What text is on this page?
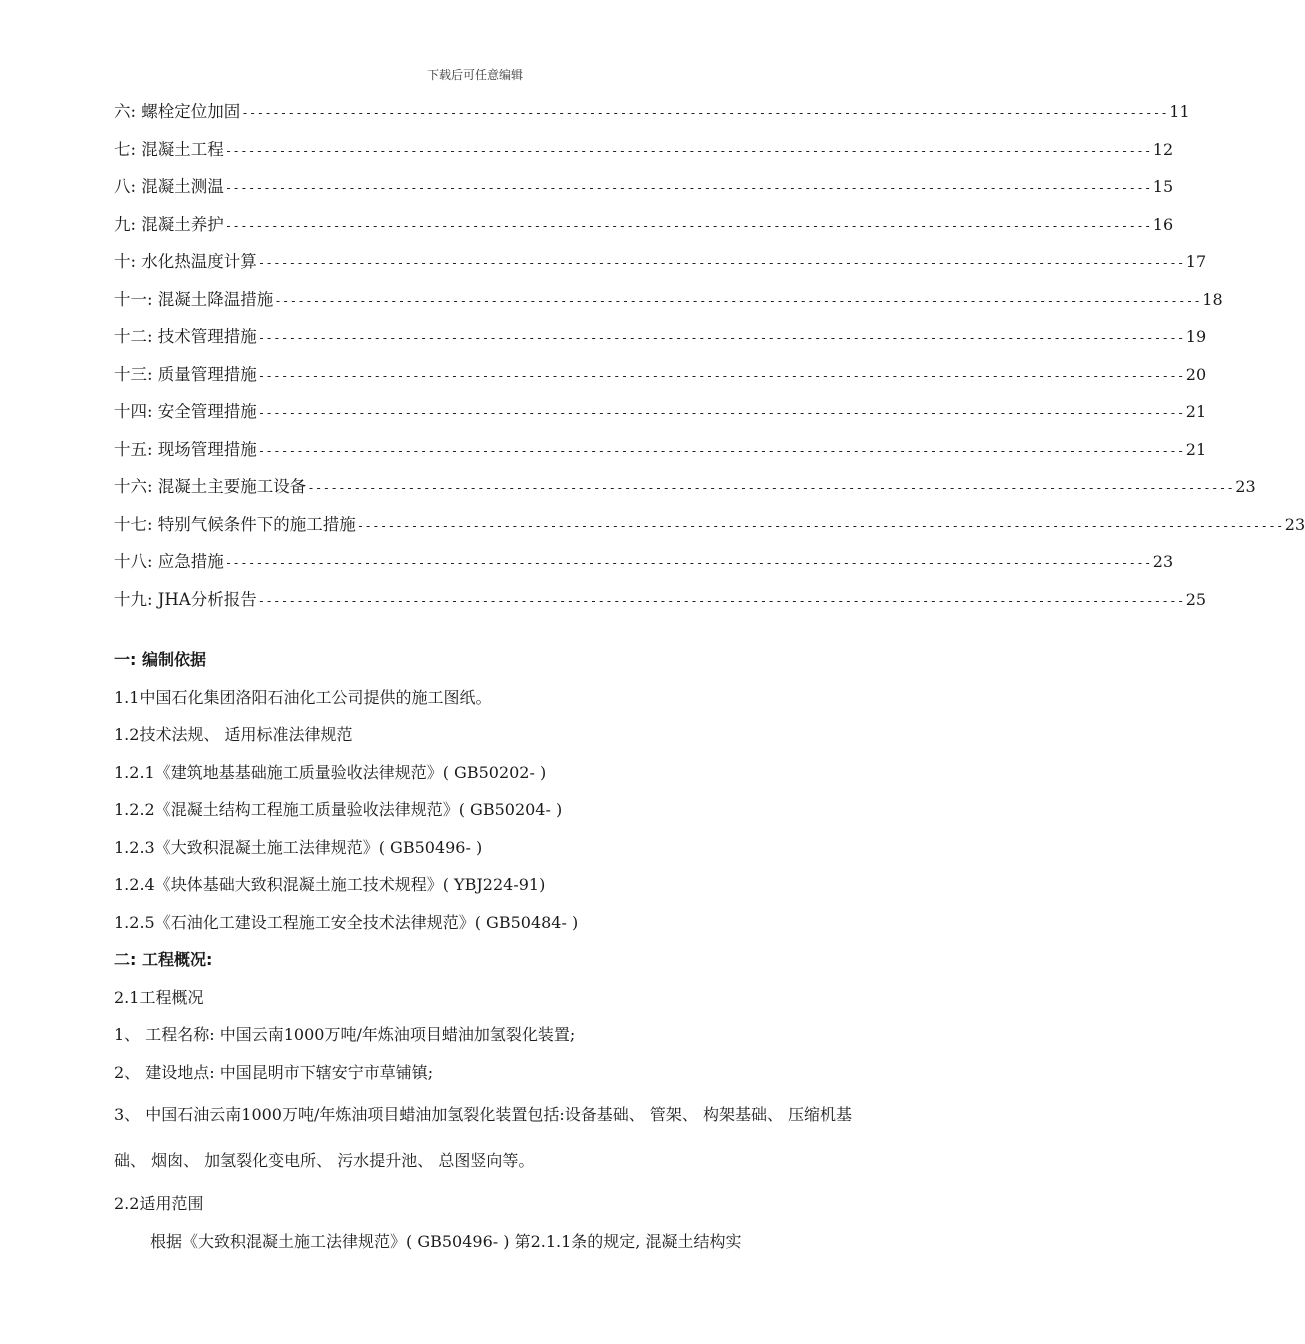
下载后可任意编辑
六: 螺栓定位加固 ------------------------------------------------------------------------------------------------------------------------ 11
七: 混凝土工程 ------------------------------------------------------------------------------------------------------------------------ 12
八: 混凝土测温 ------------------------------------------------------------------------------------------------------------------------ 15
九: 混凝土养护 ------------------------------------------------------------------------------------------------------------------------ 16
十: 水化热温度计算 ------------------------------------------------------------------------------------------------------------------------ 17
十一: 混凝土降温措施 ------------------------------------------------------------------------------------------------------------------------ 18
十二: 技术管理措施 ------------------------------------------------------------------------------------------------------------------------ 19
十三: 质量管理措施 ------------------------------------------------------------------------------------------------------------------------ 20
十四: 安全管理措施 ------------------------------------------------------------------------------------------------------------------------ 21
十五: 现场管理措施 ------------------------------------------------------------------------------------------------------------------------ 21
十六: 混凝土主要施工设备 ------------------------------------------------------------------------------------------------------------------------ 23
十七: 特别气候条件下的施工措施 ------------------------------------------------------------------------------------------------------------------------ 23
十八: 应急措施 ------------------------------------------------------------------------------------------------------------------------ 23
十九: JHA分析报告 ------------------------------------------------------------------------------------------------------------------------ 25
一: 编制依据
1.1中国石化集团洛阳石油化工公司提供的施工图纸。
1.2技术法规、 适用标准法律规范
1.2.1《建筑地基基础施工质量验收法律规范》( GB50202- )
1.2.2《混凝土结构工程施工质量验收法律规范》( GB50204- )
1.2.3《大致积混凝土施工法律规范》( GB50496- )
1.2.4《块体基础大致积混凝土施工技术规程》( YBJ224-91)
1.2.5《石油化工建设工程施工安全技术法律规范》( GB50484- )
二: 工程概况:
2.1工程概况
1、 工程名称: 中国云南1000万吨/年炼油项目蜡油加氢裂化装置;
2、 建设地点: 中国昆明市下辖安宁市草铺镇;
3、 中国石油云南1000万吨/年炼油项目蜡油加氢裂化装置包括:设备基础、 管架、 构架基础、 压缩机基础、 烟囱、 加氢裂化变电所、 污水提升池、 总图竖向等。
2.2适用范围
根据《大致积混凝土施工法律规范》( GB50496- ) 第2.1.1条的规定, 混凝土结构实
